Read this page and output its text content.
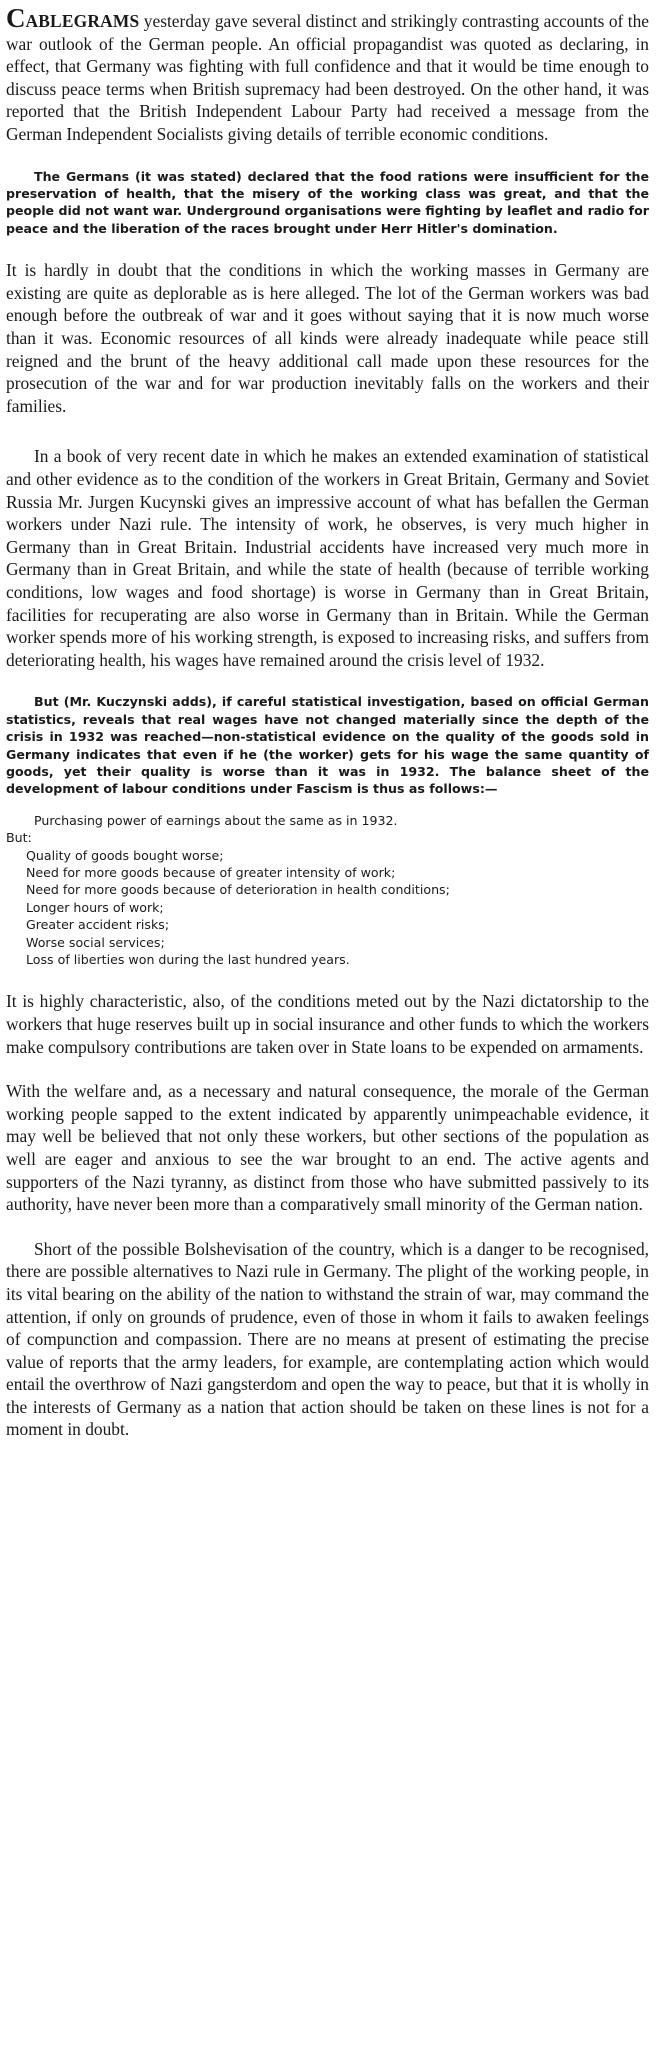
CABLEGRAMS yesterday gave several distinct and strikingly contrasting accounts of the war outlook of the German people. An official propagandist was quoted as declaring, in effect, that Germany was fighting with full confidence and that it would be time enough to discuss peace terms when British supremacy had been destroyed. On the other hand, it was reported that the British Independent Labour Party had received a message from the German Independent Socialists giving details of terrible economic conditions.

The Germans (it was stated) declared that the food rations were insufficient for the preservation of health, that the misery of the working class was great, and that the people did not want war. Underground organisations were fighting by leaflet and radio for peace and the liberation of the races brought under Herr Hitler's domination.

It is hardly in doubt that the conditions in which the working masses in Germany are existing are quite as deplorable as is here alleged. The lot of the German workers was bad enough before the outbreak of war and it goes without saying that it is now much worse than it was. Economic resources of all kinds were already inadequate while peace still reigned and the brunt of the heavy additional call made upon these resources for the prosecution of the war and for war production inevitably falls on the workers and their families.

In a book of very recent date in which he makes an extended examination of statistical and other evidence as to the condition of the workers in Great Britain, Germany and Soviet Russia Mr. Jurgen Kucynski gives an impressive account of what has befallen the German workers under Nazi rule. The intensity of work, he observes, is very much higher in Germany than in Great Britain. Industrial accidents have increased very much more in Germany than in Great Britain, and while the state of health (because of terrible working conditions, low wages and food shortage) is worse in Germany than in Great Britain, facilities for recuperating are also worse in Germany than in Britain. While the German worker spends more of his working strength, is exposed to increasing risks, and suffers from deteriorating health, his wages have remained around the crisis level of 1932.

But (Mr. Kuczynski adds), if careful statistical investigation, based on official German statistics, reveals that real wages have not changed materially since the depth of the crisis in 1932 was reached—non-statistical evidence on the quality of the goods sold in Germany indicates that even if he (the worker) gets for his wage the same quantity of goods, yet their quality is worse than it was in 1932. The balance sheet of the development of labour conditions under Fascism is thus as follows:—

Purchasing power of earnings about the same as in 1932.

But:

Quality of goods bought worse;

Need for more goods because of greater intensity of work;

Need for more goods because of deterioration in health conditions;

Longer hours of work;

Greater accident risks;

Worse social services;

Loss of liberties won during the last hundred years.

It is highly characteristic, also, of the conditions meted out by the Nazi dictatorship to the workers that huge reserves built up in social insurance and other funds to which the workers make compulsory contributions are taken over in State loans to be expended on armaments.

With the welfare and, as a necessary and natural consequence, the morale of the German working people sapped to the extent indicated by apparently unimpeachable evidence, it may well be believed that not only these workers, but other sections of the population as well are eager and anxious to see the war brought to an end. The active agents and supporters of the Nazi tyranny, as distinct from those who have submitted passively to its authority, have never been more than a comparatively small minority of the German nation.

Short of the possible Bolshevisation of the country, which is a danger to be recognised, there are possible alternatives to Nazi rule in Germany. The plight of the working people, in its vital bearing on the ability of the nation to withstand the strain of war, may command the attention, if only on grounds of prudence, even of those in whom it fails to awaken feelings of compunction and compassion. There are no means at present of estimating the precise value of reports that the army leaders, for example, are contemplating action which would entail the overthrow of Nazi gangsterdom and open the way to peace, but that it is wholly in the interests of Germany as a nation that action should be taken on these lines is not for a moment in doubt.
